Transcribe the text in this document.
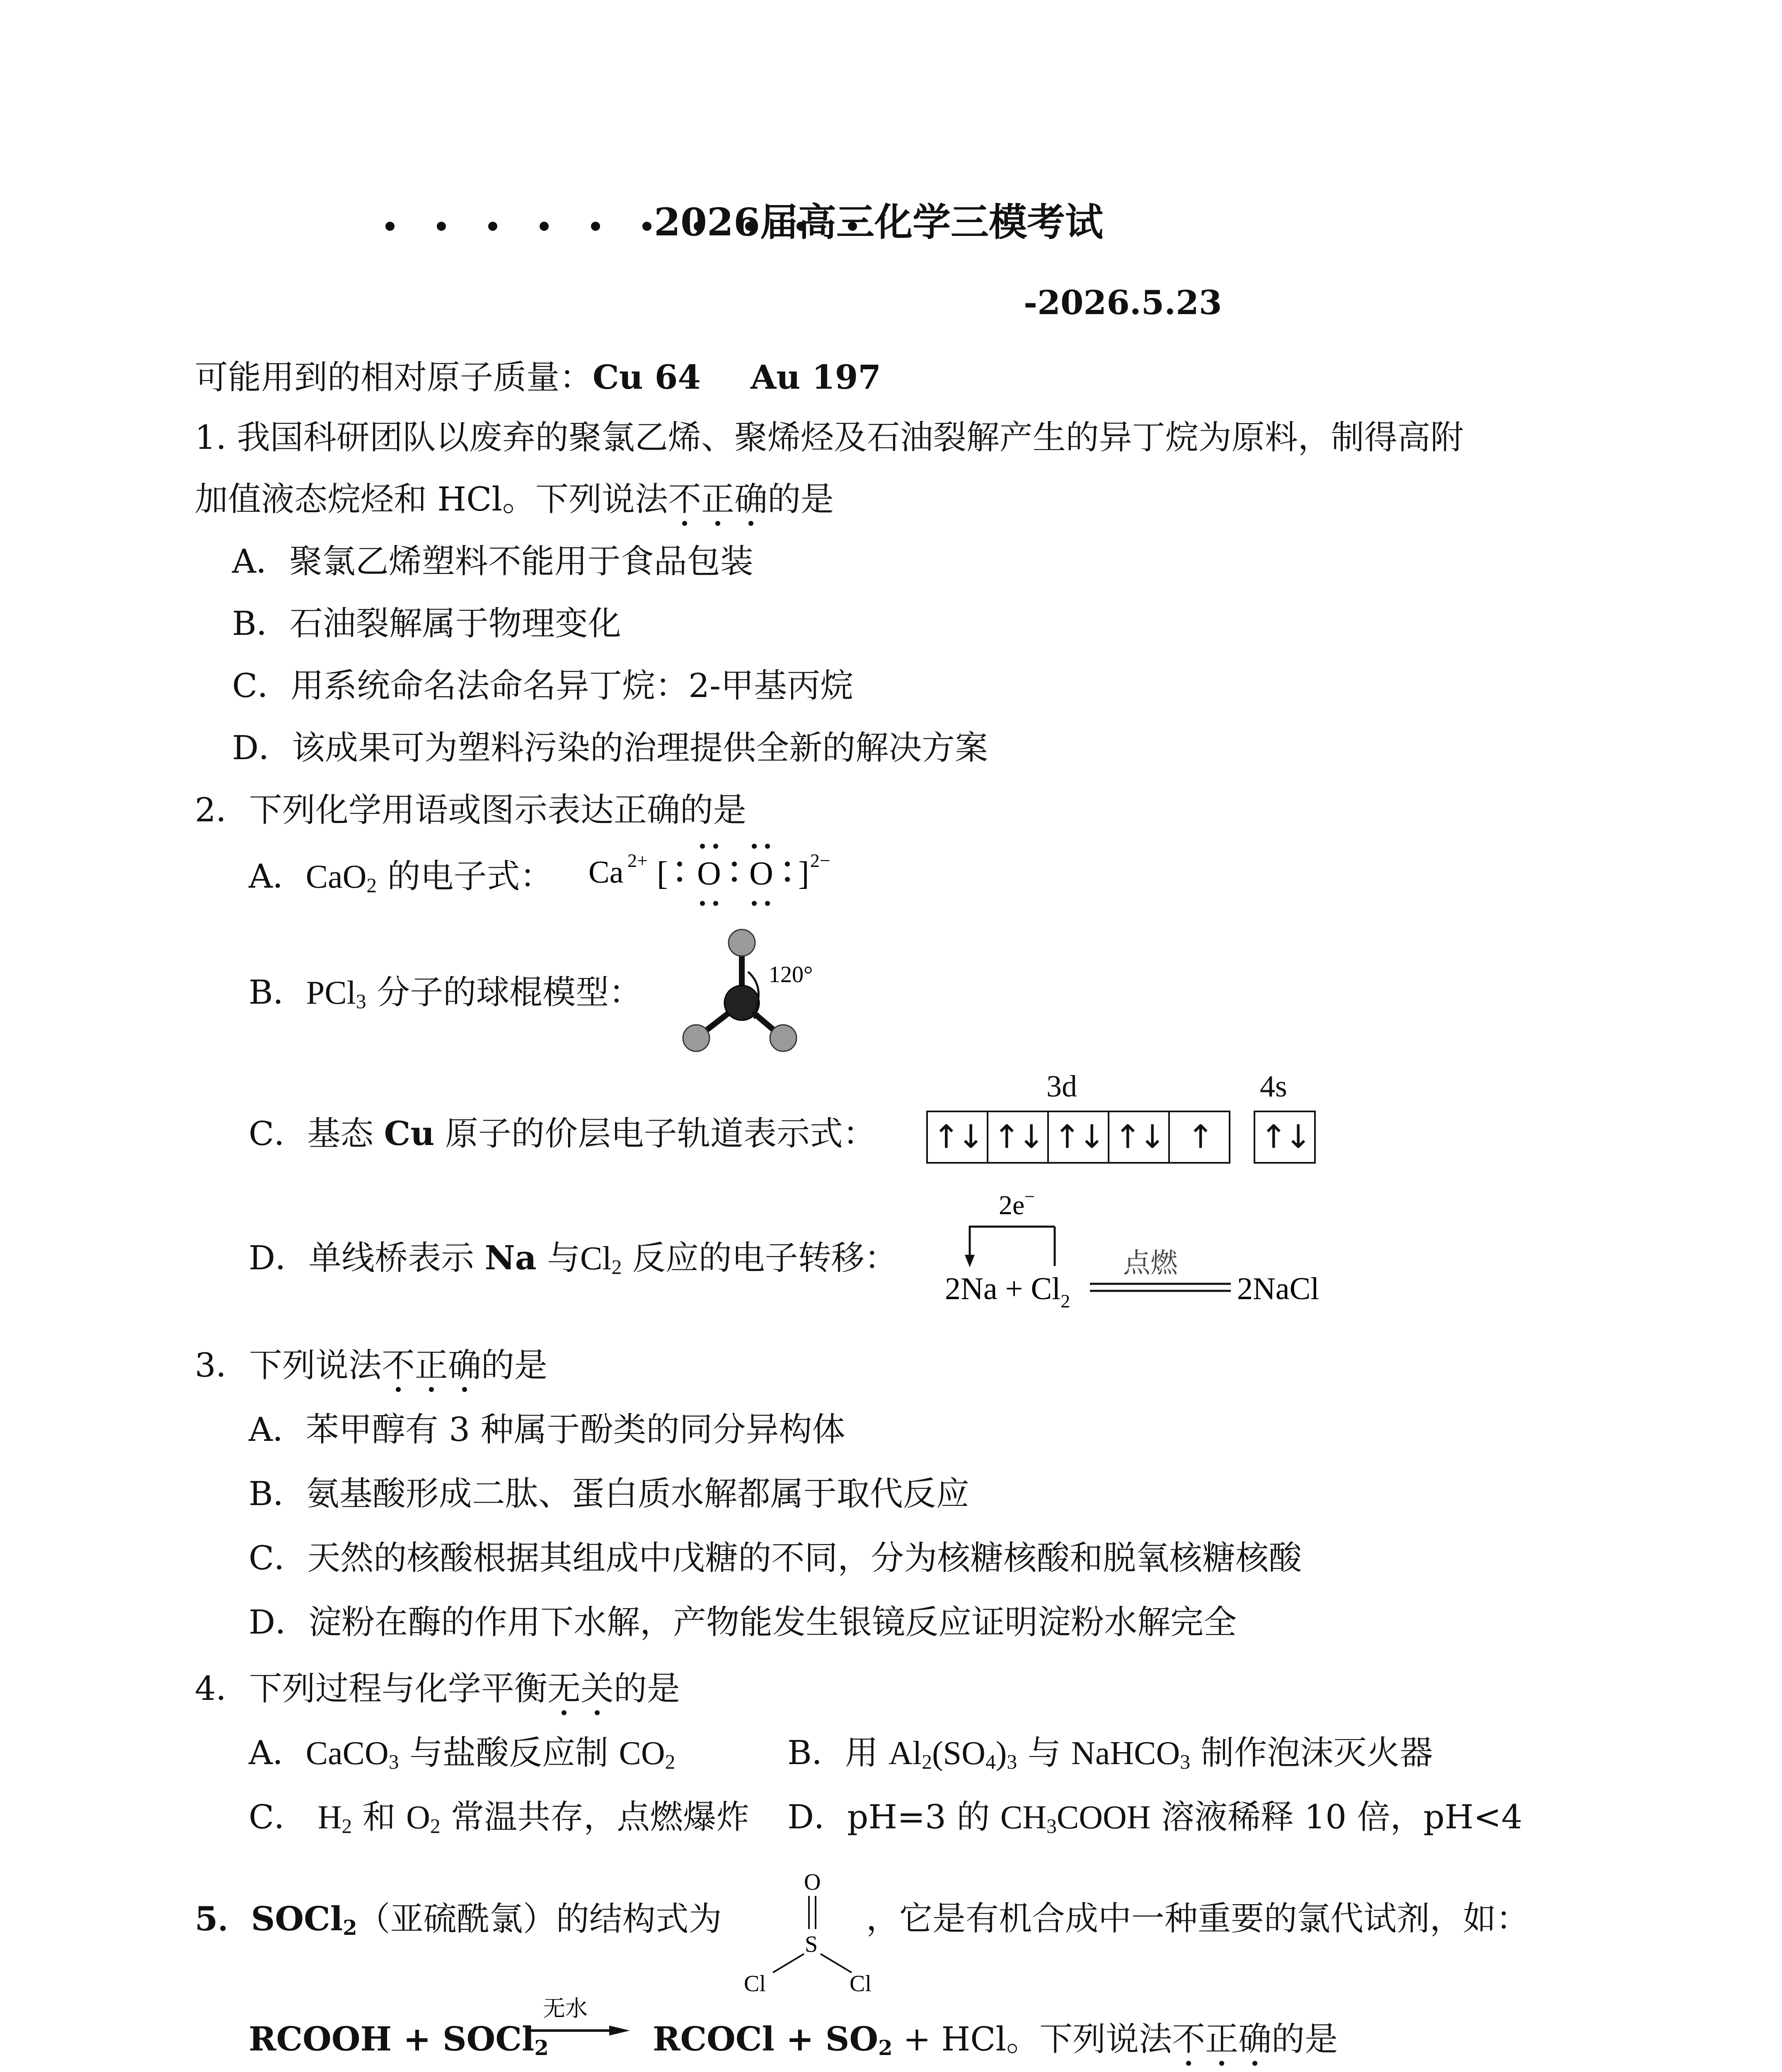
2026届高三化学三模考试
-2026.5.23
可能用到的相对原子质量：Cu 64 Au 197
1. 我国科研团队以废弃的聚氯乙烯、聚烯烃及石油裂解产生的异丁烷为原料，制得高附
加值液态烷烃和 HCl。下列说法不正确的是
A．聚氯乙烯塑料不能用于食品包装
B．石油裂解属于物理变化
C．用系统命名法命名异丁烷：2-甲基丙烷
D．该成果可为塑料污染的治理提供全新的解决方案
2．下列化学用语或图示表达正确的是
A．CaO$_2$ 的电子式： Ca 2+ [ O O ] 2−
B．PCl$_3$ 分子的球棍模型：	120°
C．基态 Cu 原子的价层电子轨道表示式：
3d	4s
↑↓ ↑↓ ↑↓ ↑↓ ↑	↑↓
D．单线桥表示 Na 与$Cl_2$ 反应的电子转移：
2e−
$2Na + Cl_2$
点燃
2NaCl
3．下列说法不正确的是
A．苯甲醇有 3 种属于酚类的同分异构体
B．氨基酸形成二肽、蛋白质水解都属于取代反应
C．天然的核酸根据其组成中戊糖的不同，分为核糖核酸和脱氧核糖核酸
D．淀粉在酶的作用下水解，产物能发生银镜反应证明淀粉水解完全
4．下列过程与化学平衡无关的是
A．CaCO$_3$ 与盐酸反应制 $CO_2$	B．用 $Al_2(SO_4)_3$ 与 NaHCO$_3$ 制作泡沫灭火器
C． $H_2$ 和 $O_2$ 常温共存，点燃爆炸 D．pH=3 的 $CH_3COOH$ 溶液稀释 10 倍，pH<4
5．SOCl$_2$（亚硫酰氯）的结构式为
O
S
Cl	Cl
，它是有机合成中一种重要的氯代试剂，如：
RCOOH + SOCl$_2$
无水
RCOCl + $SO_2$ + HCl。下列说法不正确的是
